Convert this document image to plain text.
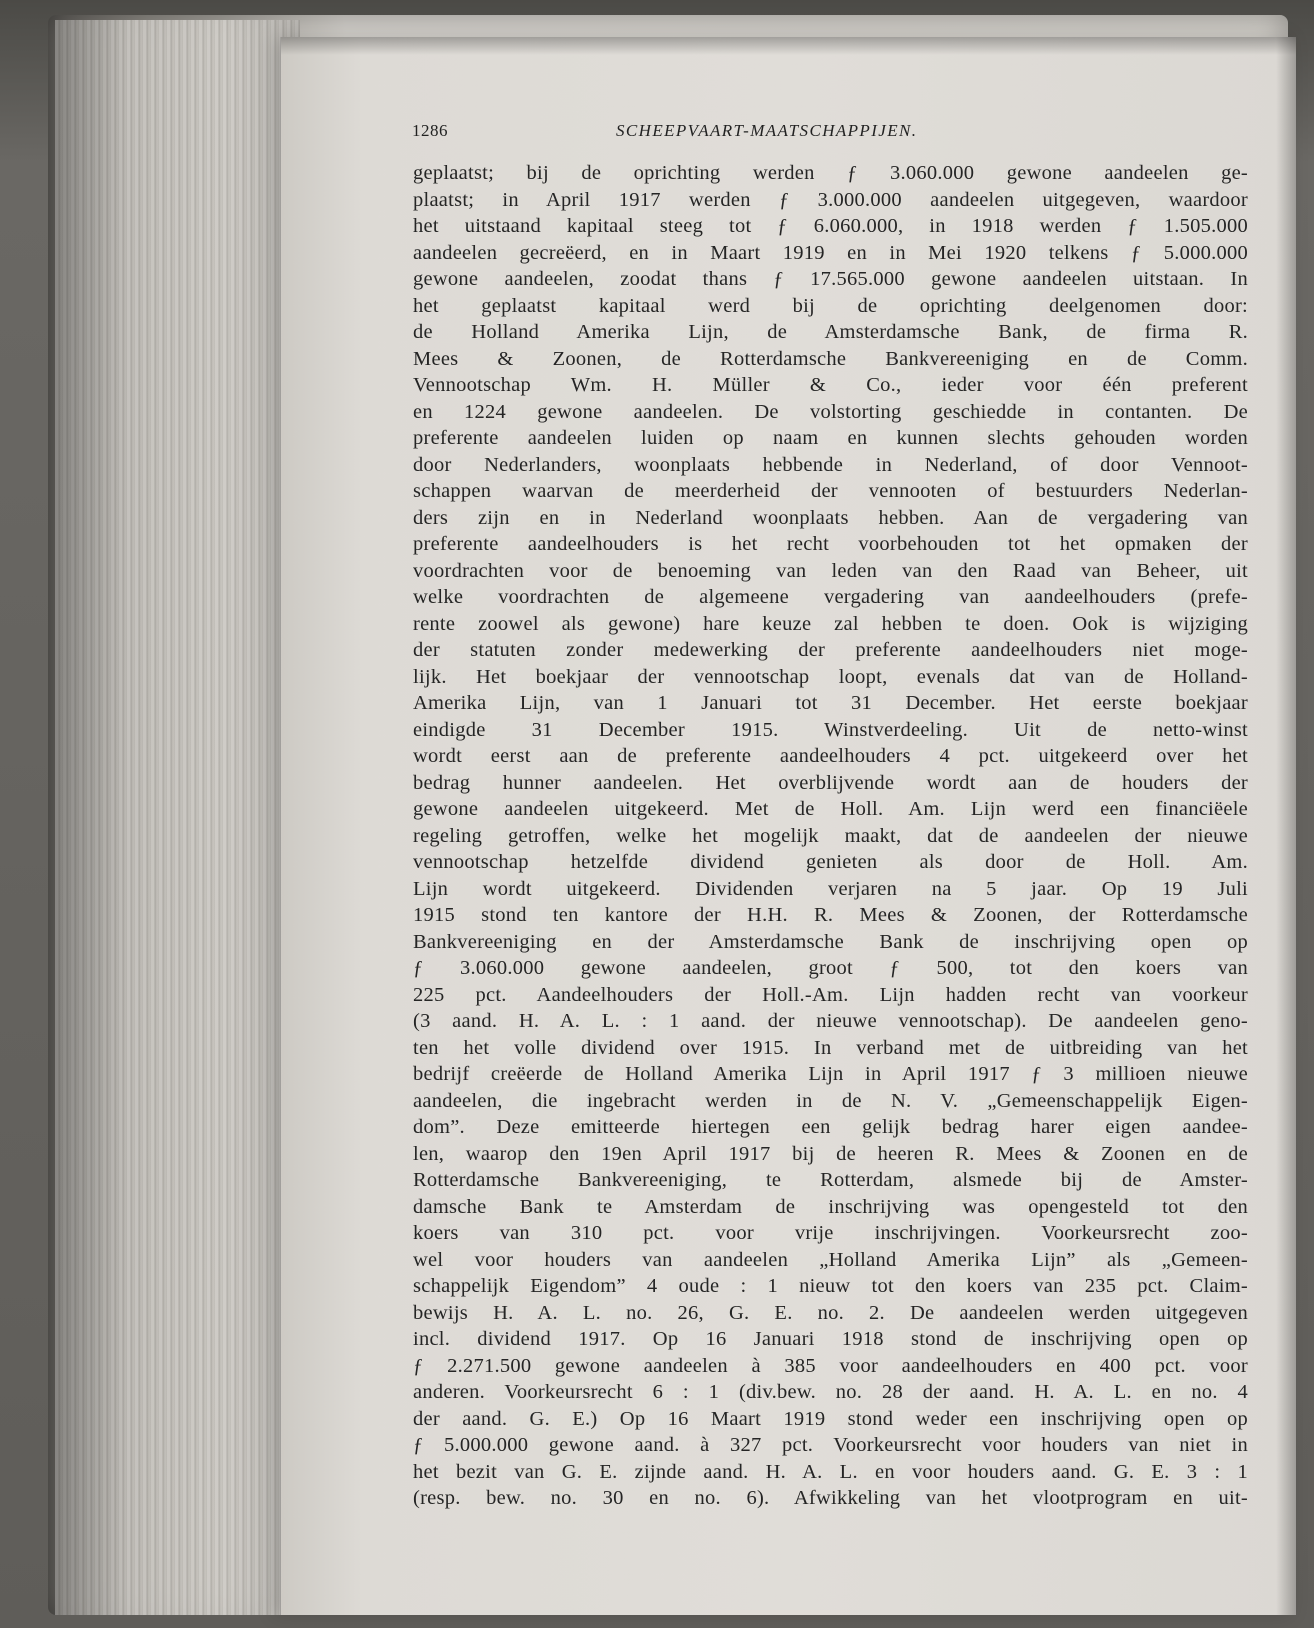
1286	SCHEEPVAART-MAATSCHAPPIJEN.
geplaatst; bij de oprichting werden ƒ 3.060.000 gewone aandeelen ge-
plaatst; in April 1917 werden ƒ 3.000.000 aandeelen uitgegeven, waardoor
het uitstaand kapitaal steeg tot ƒ 6.060.000, in 1918 werden ƒ 1.505.000
aandeelen gecreëerd, en in Maart 1919 en in Mei 1920 telkens ƒ 5.000.000
gewone aandeelen, zoodat thans ƒ 17.565.000 gewone aandeelen uitstaan. In
het geplaatst kapitaal werd bij de oprichting deelgenomen door:
de Holland Amerika Lijn, de Amsterdamsche Bank, de firma R.
Mees & Zoonen, de Rotterdamsche Bankvereeniging en de Comm.
Vennootschap Wm. H. Müller & Co., ieder voor één preferent
en 1224 gewone aandeelen. De volstorting geschiedde in contanten. De
preferente aandeelen luiden op naam en kunnen slechts gehouden worden
door Nederlanders, woonplaats hebbende in Nederland, of door Vennoot-
schappen waarvan de meerderheid der vennooten of bestuurders Nederlan-
ders zijn en in Nederland woonplaats hebben. Aan de vergadering van
preferente aandeelhouders is het recht voorbehouden tot het opmaken der
voordrachten voor de benoeming van leden van den Raad van Beheer, uit
welke voordrachten de algemeene vergadering van aandeelhouders (prefe-
rente zoowel als gewone) hare keuze zal hebben te doen. Ook is wijziging
der statuten zonder medewerking der preferente aandeelhouders niet moge-
lijk. Het boekjaar der vennootschap loopt, evenals dat van de Holland-
Amerika Lijn, van 1 Januari tot 31 December. Het eerste boekjaar
eindigde 31 December 1915. Winstverdeeling. Uit de netto-winst
wordt eerst aan de preferente aandeelhouders 4 pct. uitgekeerd over het
bedrag hunner aandeelen. Het overblijvende wordt aan de houders der
gewone aandeelen uitgekeerd. Met de Holl. Am. Lijn werd een financiëele
regeling getroffen, welke het mogelijk maakt, dat de aandeelen der nieuwe
vennootschap hetzelfde dividend genieten als door de Holl. Am.
Lijn wordt uitgekeerd. Dividenden verjaren na 5 jaar. Op 19 Juli
1915 stond ten kantore der H.H. R. Mees & Zoonen, der Rotterdamsche
Bankvereeniging en der Amsterdamsche Bank de inschrijving open op
ƒ 3.060.000 gewone aandeelen, groot ƒ 500, tot den koers van
225 pct. Aandeelhouders der Holl.-Am. Lijn hadden recht van voorkeur
(3 aand. H. A. L. : 1 aand. der nieuwe vennootschap). De aandeelen geno-
ten het volle dividend over 1915. In verband met de uitbreiding van het
bedrijf creëerde de Holland Amerika Lijn in April 1917 ƒ 3 millioen nieuwe
aandeelen, die ingebracht werden in de N. V. „Gemeenschappelijk Eigen-
dom”. Deze emitteerde hiertegen een gelijk bedrag harer eigen aandee-
len, waarop den 19en April 1917 bij de heeren R. Mees & Zoonen en de
Rotterdamsche Bankvereeniging, te Rotterdam, alsmede bij de Amster-
damsche Bank te Amsterdam de inschrijving was opengesteld tot den
koers van 310 pct. voor vrije inschrijvingen. Voorkeursrecht zoo-
wel voor houders van aandeelen „Holland Amerika Lijn” als „Gemeen-
schappelijk Eigendom” 4 oude : 1 nieuw tot den koers van 235 pct. Claim-
bewijs H. A. L. no. 26, G. E. no. 2. De aandeelen werden uitgegeven
incl. dividend 1917. Op 16 Januari 1918 stond de inschrijving open op
ƒ 2.271.500 gewone aandeelen à 385 voor aandeelhouders en 400 pct. voor
anderen. Voorkeursrecht 6 : 1 (div.bew. no. 28 der aand. H. A. L. en no. 4
der aand. G. E.) Op 16 Maart 1919 stond weder een inschrijving open op
ƒ 5.000.000 gewone aand. à 327 pct. Voorkeursrecht voor houders van niet in
het bezit van G. E. zijnde aand. H. A. L. en voor houders aand. G. E. 3 : 1
(resp. bew. no. 30 en no. 6). Afwikkeling van het vlootprogram en uit-
